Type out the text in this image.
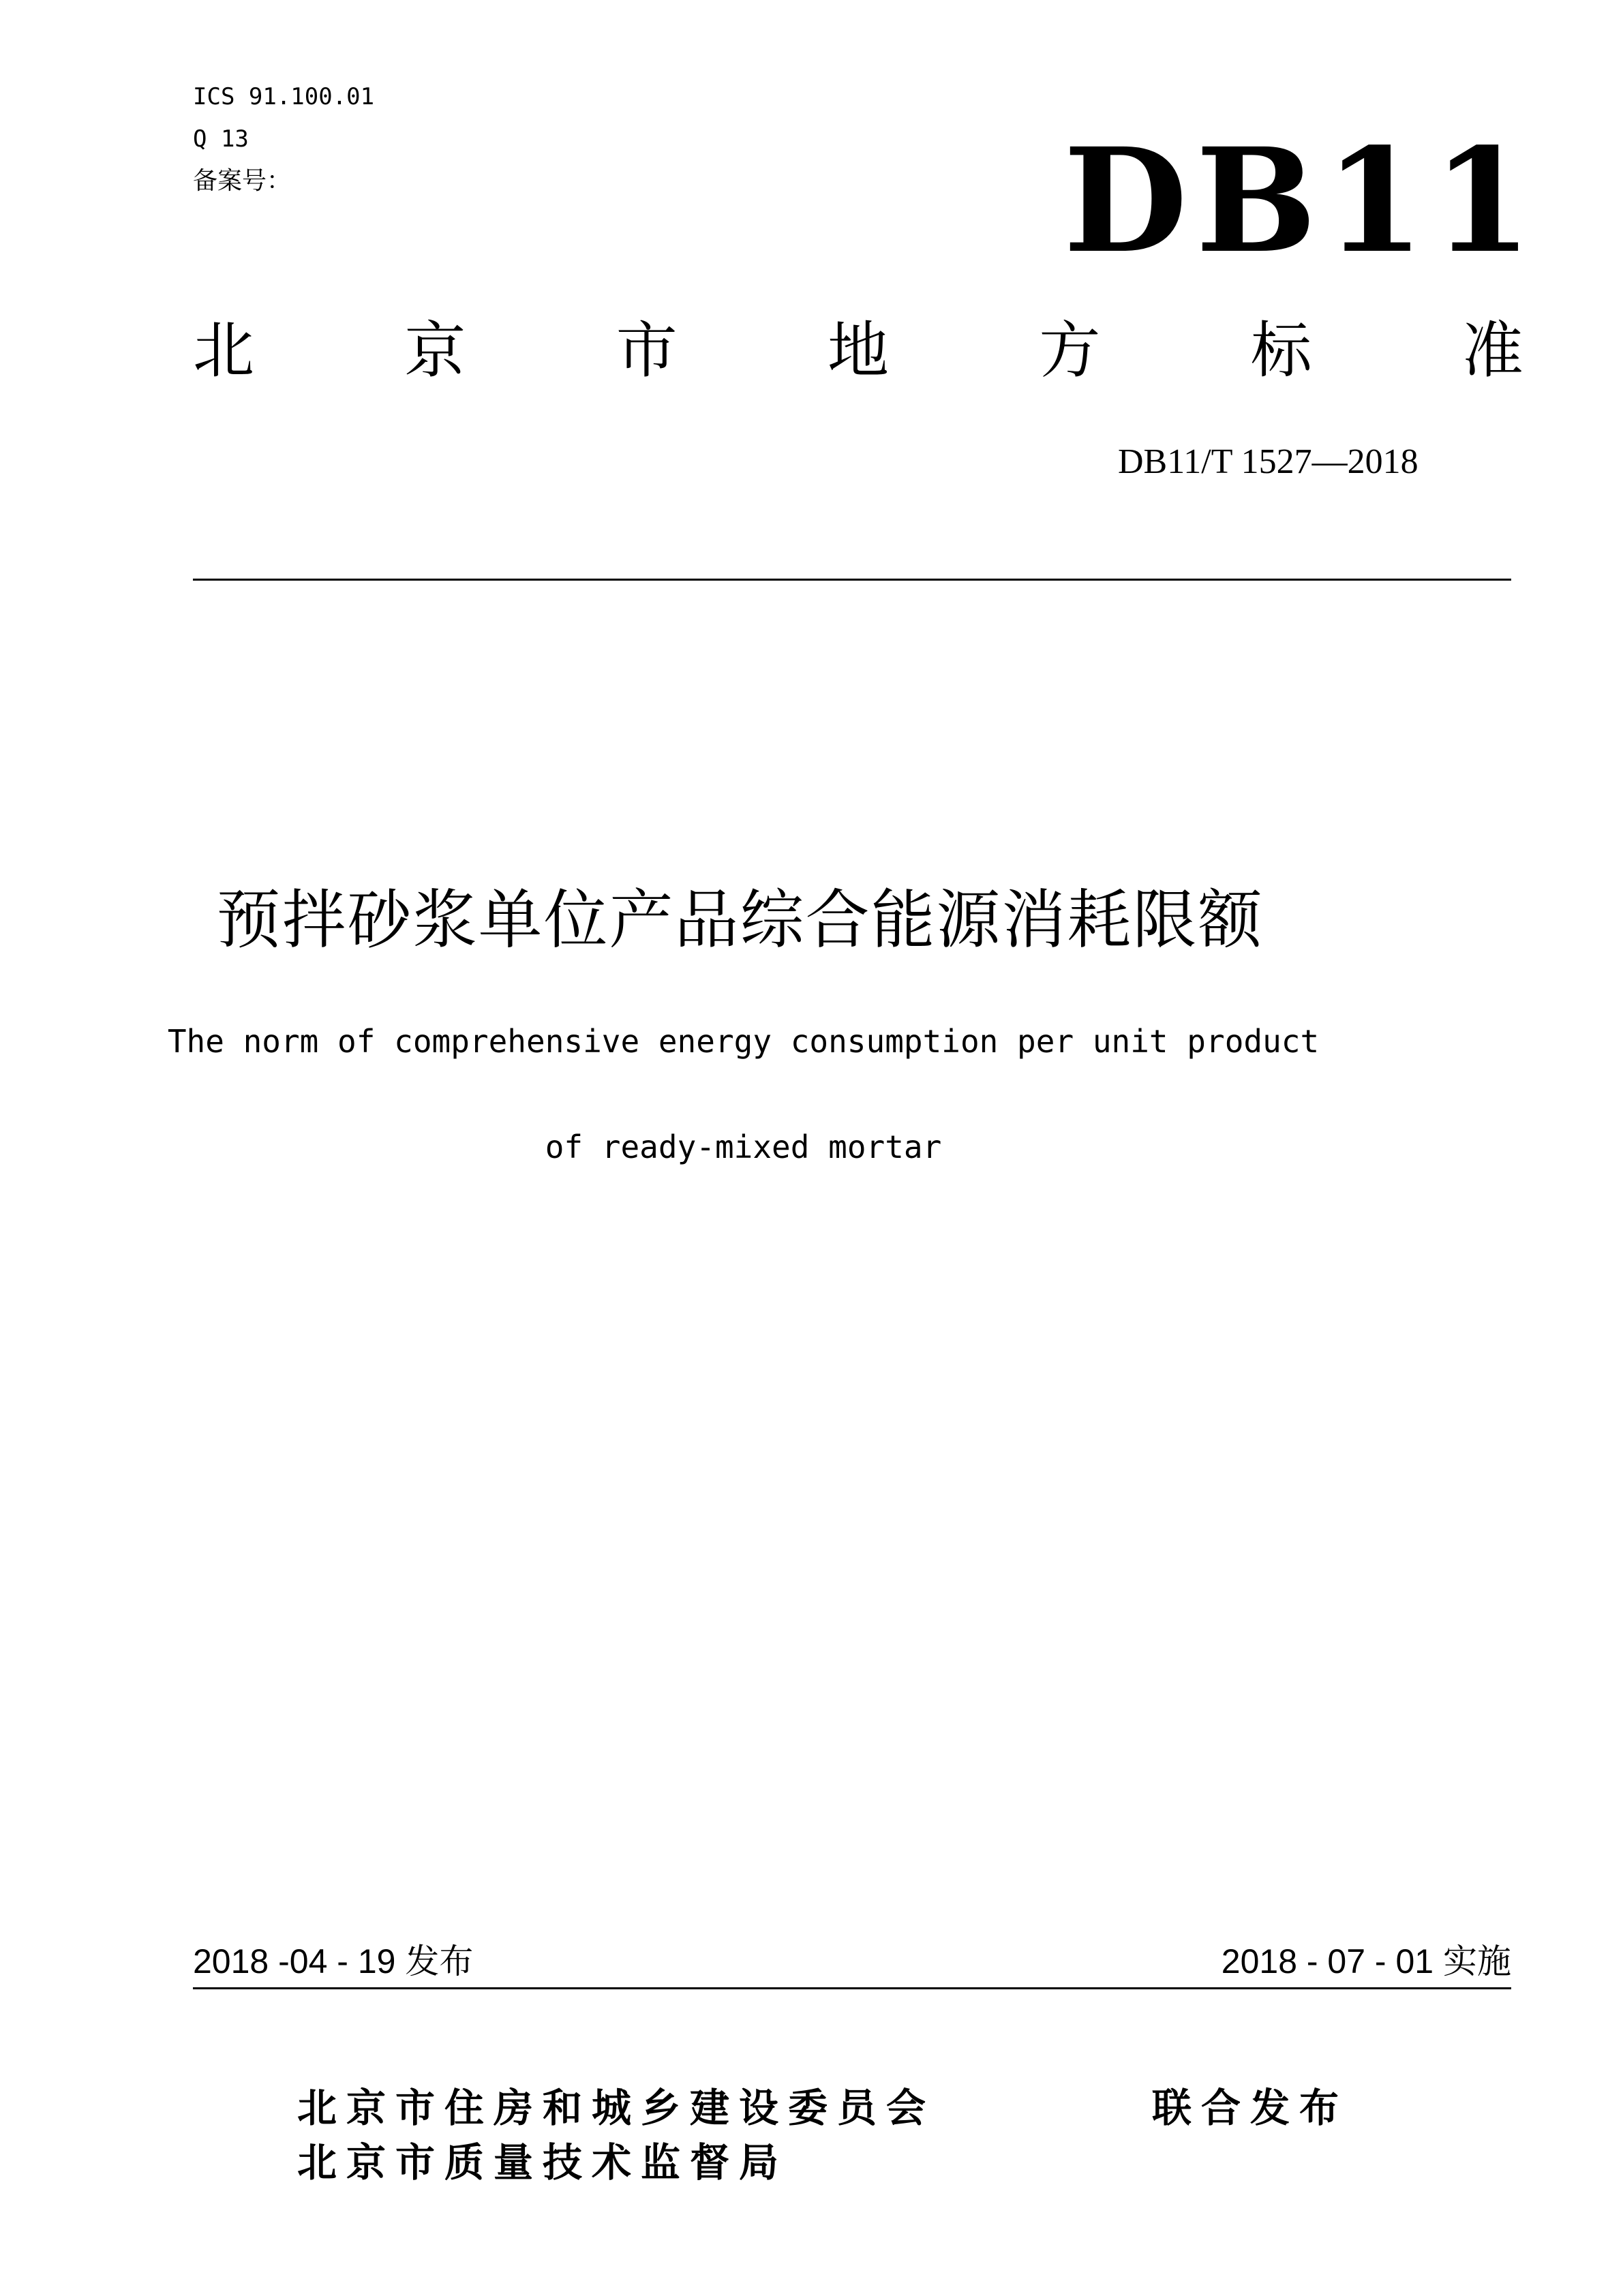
ICS 91.100.01

Q 13

备案号：	DB11
北 京 市 地 方 标 准
DB11/T 1527—2018
预拌砂浆单位产品综合能源消耗限额

The norm of comprehensive energy consumption per unit product

of ready-mixed mortar

2018 -04 - 19 发布	2018 - 07 - 01 实施
北京市住房和城乡建设委员会
北京市质量技术监督局
联合发布
